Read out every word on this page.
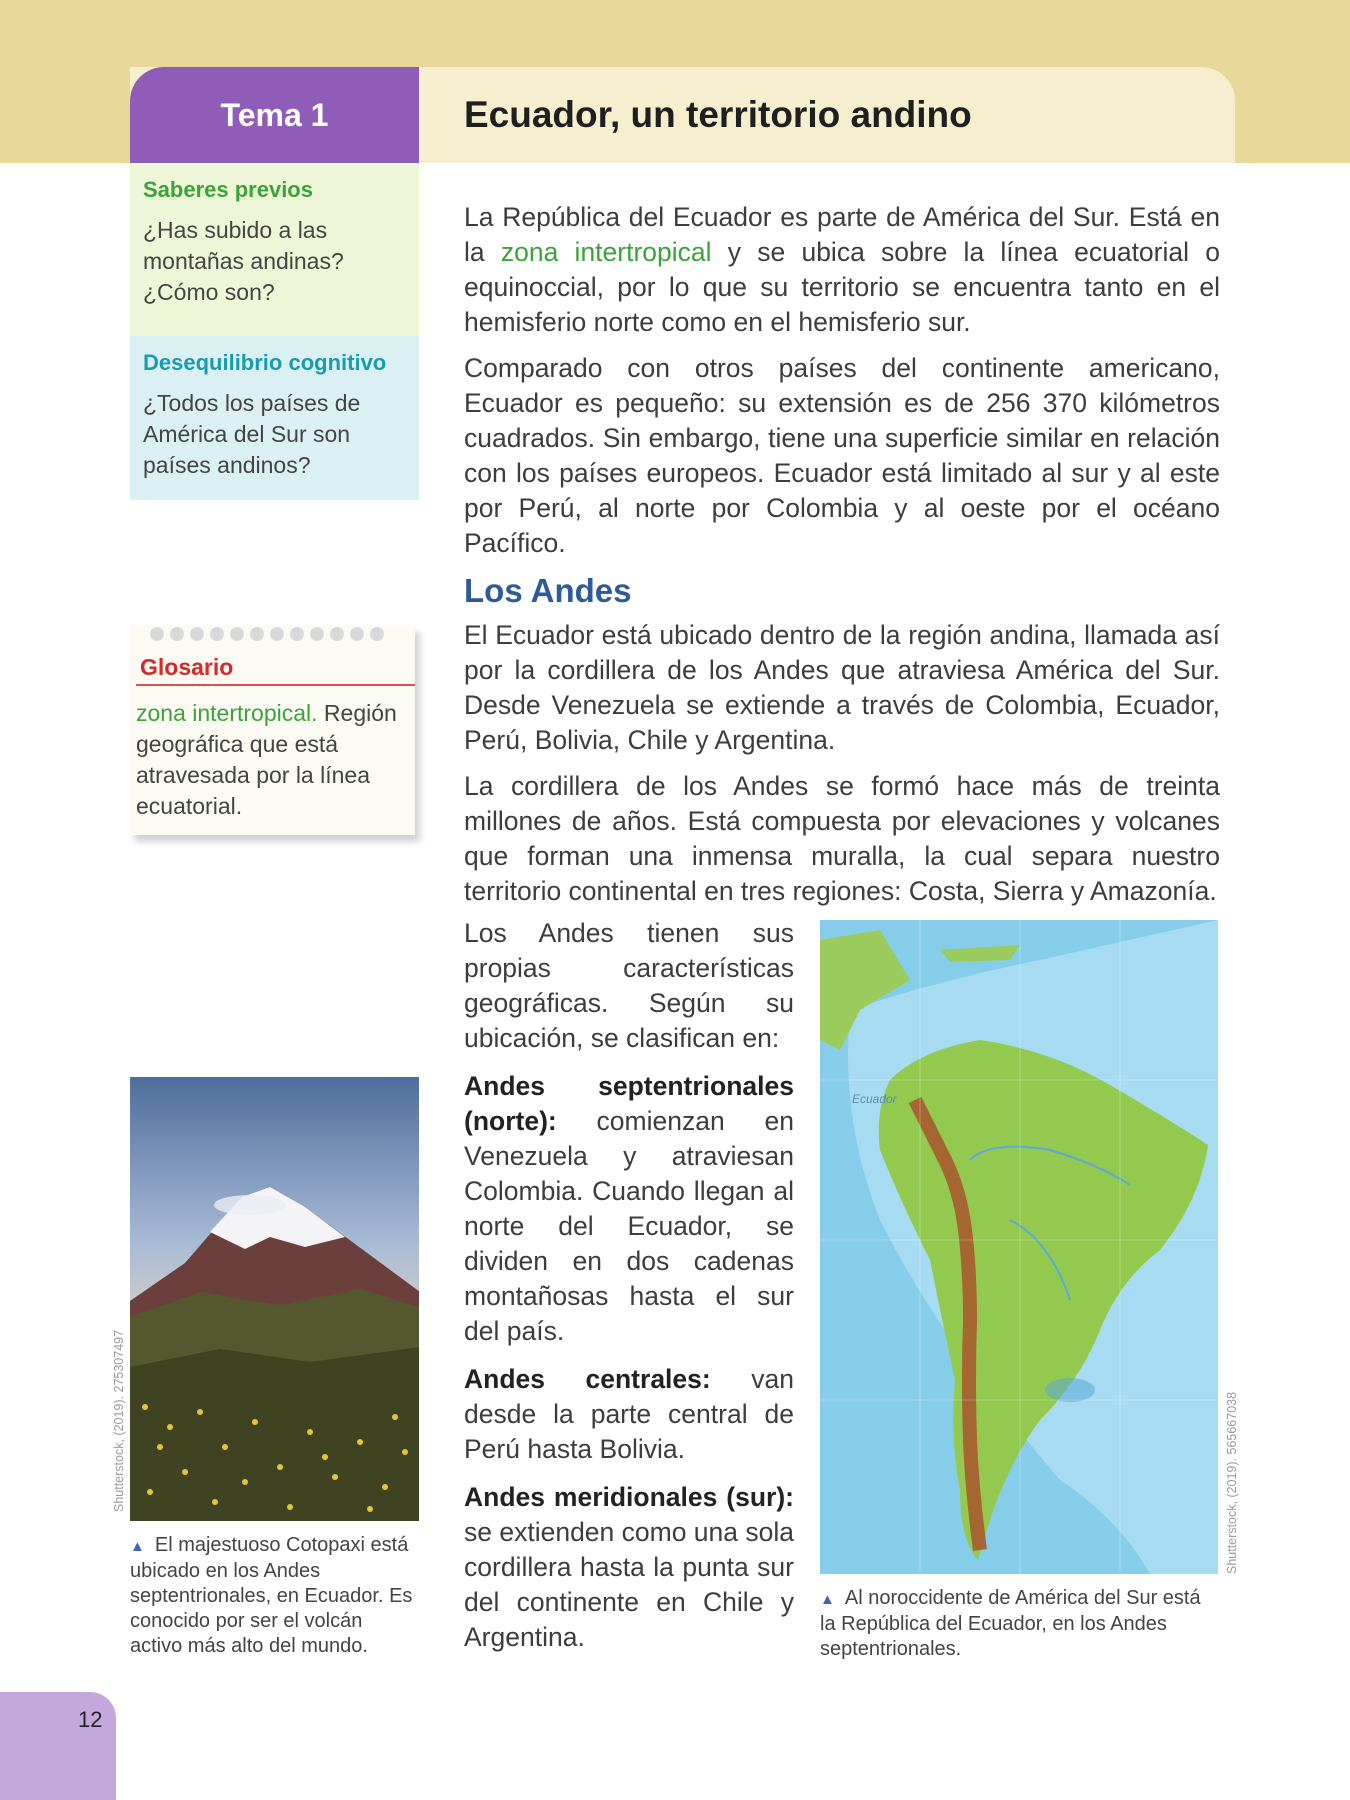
Tema 1	Ecuador, un territorio andino
Saberes previos

¿Has subido a las montañas andinas? ¿Cómo son?

Desequilibrio cognitivo

¿Todos los países de América del Sur son países andinos?

Glosario

zona intertropical. Región geográfica que está atravesada por la línea ecuatorial.

La República del Ecuador es parte de América del Sur. Está en la zona intertropical y se ubica sobre la línea ecuatorial o equinoccial, por lo que su territorio se encuentra tanto en el hemisferio norte como en el hemisferio sur.

Comparado con otros países del continente americano, Ecuador es pequeño: su extensión es de 256 370 kilómetros cuadrados. Sin embargo, tiene una superficie similar en relación con los países europeos. Ecuador está limitado al sur y al este por Perú, al norte por Colombia y al oeste por el océano Pacífico.

Los Andes

El Ecuador está ubicado dentro de la región andina, llamada así por la cordillera de los Andes que atraviesa América del Sur. Desde Venezuela se extiende a través de Colombia, Ecuador, Perú, Bolivia, Chile y Argentina.

La cordillera de los Andes se formó hace más de treinta millones de años. Está compuesta por elevaciones y volcanes que forman una inmensa muralla, la cual separa nuestro territorio continental en tres regiones: Costa, Sierra y Amazonía.

Los Andes tienen sus propias características geográficas. Según su ubicación, se clasifican en:

Andes septentrionales (norte): comienzan en Venezuela y atraviesan Colombia. Cuando llegan al norte del Ecuador, se dividen en dos cadenas montañosas hasta el sur del país.

Andes centrales: van desde la parte central de Perú hasta Bolivia.

Andes meridionales (sur): se extienden como una sola cordillera hasta la punta sur del continente en Chile y Argentina.

Shutterstock, (2019). 275307497

▲ El majestuoso Cotopaxi está ubicado en los Andes septentrionales, en Ecuador. Es conocido por ser el volcán activo más alto del mundo.

Ecuador
Shutterstock, (2019). 565667038

▲ Al noroccidente de América del Sur está la República del Ecuador, en los Andes septentrionales.

12
